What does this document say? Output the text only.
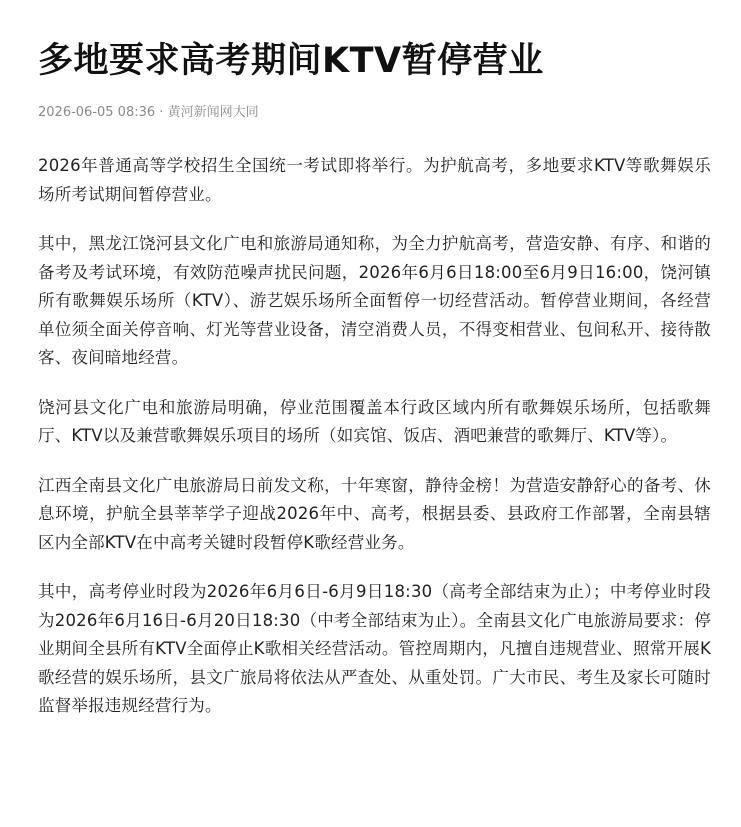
多地要求高考期间KTV暂停营业
2026-06-05 08:36 · 黄河新闻网大同

2026年普通高等学校招生全国统一考试即将举行。为护航高考，多地要求KTV等歌舞娱乐场所考试期间暂停营业。

其中，黑龙江饶河县文化广电和旅游局通知称，为全力护航高考，营造安静、有序、和谐的备考及考试环境，有效防范噪声扰民问题，2026年6月6日18:00至6月9日16:00，饶河镇所有歌舞娱乐场所（KTV）、游艺娱乐场所全面暂停一切经营活动。暂停营业期间，各经营单位须全面关停音响、灯光等营业设备，清空消费人员，不得变相营业、包间私开、接待散客、夜间暗地经营。

饶河县文化广电和旅游局明确，停业范围覆盖本行政区域内所有歌舞娱乐场所，包括歌舞厅、KTV以及兼营歌舞娱乐项目的场所（如宾馆、饭店、酒吧兼营的歌舞厅、KTV等）。

江西全南县文化广电旅游局日前发文称，十年寒窗，静待金榜！为营造安静舒心的备考、休息环境，护航全县莘莘学子迎战2026年中、高考，根据县委、县政府工作部署，全南县辖区内全部KTV在中高考关键时段暂停K歌经营业务。

其中，高考停业时段为2026年6月6日-6月9日18:30（高考全部结束为止）；中考停业时段为2026年6月16日-6月20日18:30（中考全部结束为止）。全南县文化广电旅游局要求：停业期间全县所有KTV全面停止K歌相关经营活动。管控周期内，凡擅自违规营业、照常开展K歌经营的娱乐场所，县文广旅局将依法从严查处、从重处罚。广大市民、考生及家长可随时监督举报违规经营行为。
